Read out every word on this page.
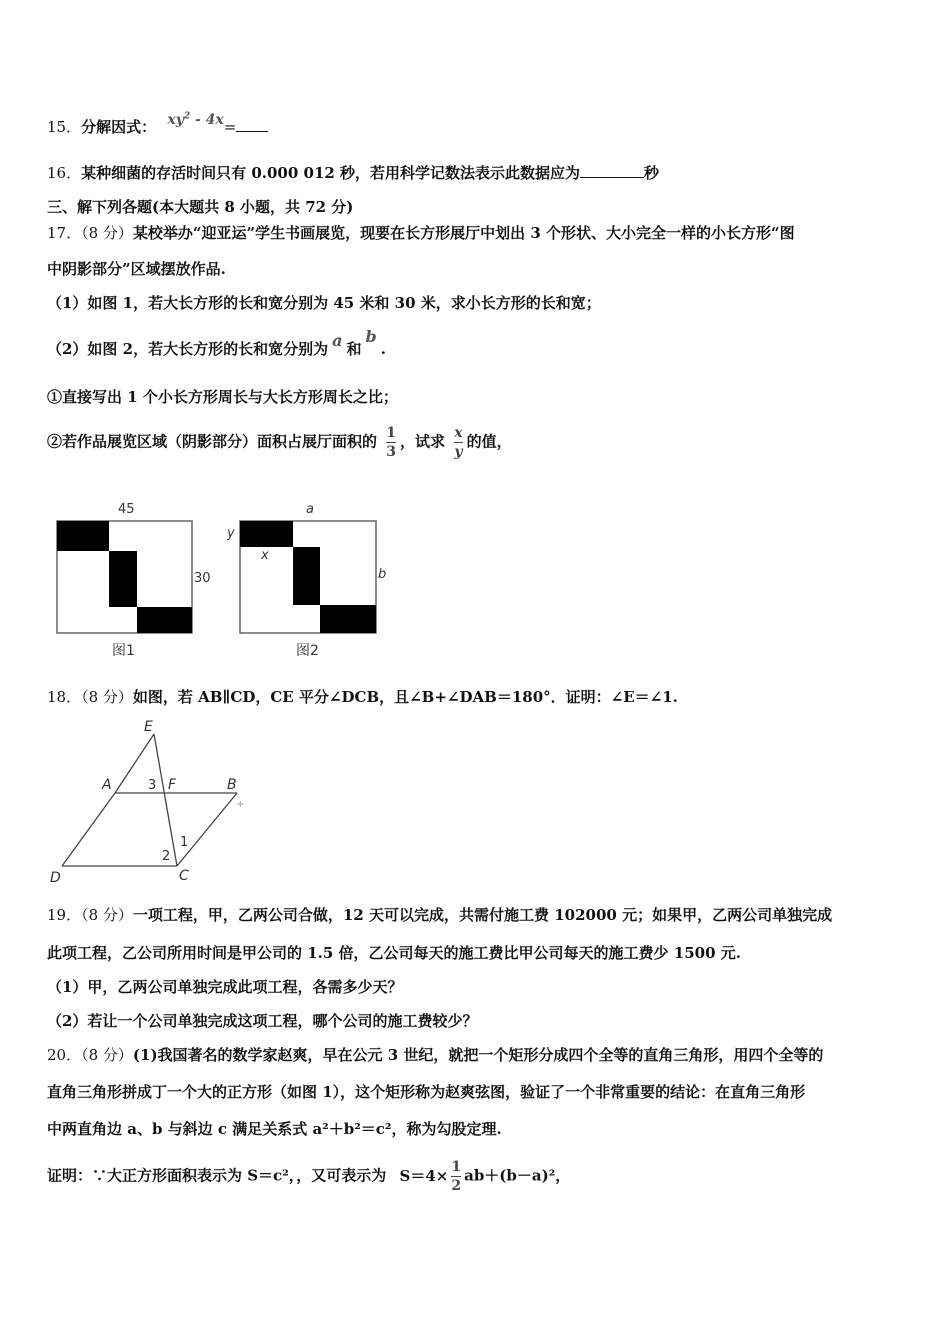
15．分解因式： $xy^2 - 4x=$
16．某种细菌的存活时间只有 0.000 012 秒，若用科学记数法表示此数据应为	秒
三、解下列各题(本大题共 8 小题，共 72 分)
17．（8 分）某校举办“迎亚运”学生书画展览，现要在长方形展厅中划出 3 个形状、大小完全一样的小长方形“图
中阴影部分”区域摆放作品.
（1）如图 1，若大长方形的长和宽分别为 45 米和 30 米，求小长方形的长和宽；
（2）如图 2，若大长方形的长和宽分别为 a 和b.
①直接写出 1 个小长方形周长与大长方形周长之比；
②若作品展览区域（阴影部分）面积占展厅面积的 $\frac{1}{3}$ ，试求 $\frac{x}{y}$ 的值，
45
30
图1
a
b
y
x
图2
18．（8 分）如图，若 AB∥CD，CE 平分∠DCB，且∠B+∠DAB＝180°．证明：∠E＝∠1.
E
A	F	B
D	C
3
2
1
+
19．（8 分）一项工程，甲，乙两公司合做，12 天可以完成，共需付施工费 102000 元；如果甲，乙两公司单独完成
此项工程，乙公司所用时间是甲公司的 1.5 倍，乙公司每天的施工费比甲公司每天的施工费少 1500 元.
（1）甲，乙两公司单独完成此项工程，各需多少天？
（2）若让一个公司单独完成这项工程，哪个公司的施工费较少？
20．（8 分）(1)我国著名的数学家赵爽，早在公元 3 世纪，就把一个矩形分成四个全等的直角三角形，用四个全等的
直角三角形拼成丁一个大的正方形（如图 1），这个矩形称为赵爽弦图，验证了一个非常重要的结论：在直角三角形
中两直角边 a、b 与斜边 c 满足关系式 a²＋b²＝c²，称为勾股定理.
证明：∵大正方形面积表示为 S＝c²，，又可表示为 $S=4\times \frac{1}{2} ab+(b-a)^2$，
